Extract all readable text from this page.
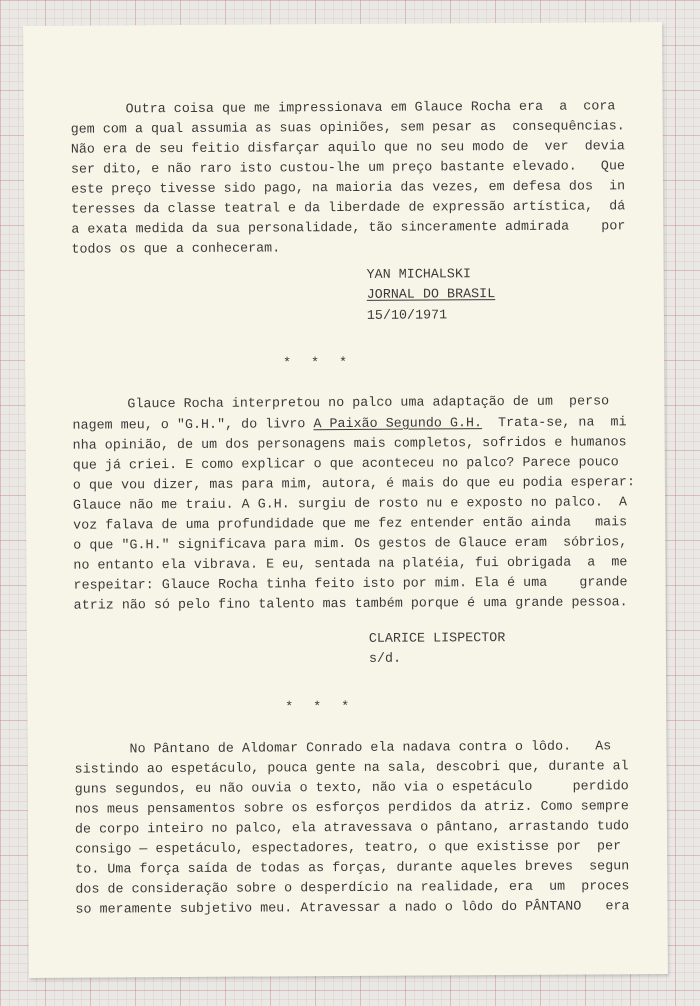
Outra coisa que me impressionava em Glauce Rocha era  a  cora
gem com a qual assumia as suas opiniões, sem pesar as  consequências.
Não era de seu feitio disfarçar aquilo que no seu modo de  ver  devia
ser dito, e não raro isto custou-lhe um preço bastante elevado.   Que
este preço tivesse sido pago, na maioria das vezes, em defesa dos  in
teresses da classe teatral e da liberdade de expressão artística,  dá
a exata medida da sua personalidade, tão sinceramente admirada    por
todos os que a conheceram.
YAN MICHALSKI
JORNAL DO BRASIL
15/10/1971
* * *
Glauce Rocha interpretou no palco uma adaptação de um  perso
nagem meu, o "G.H.", do livro A Paixão Segundo G.H.  Trata-se, na  mi
nha opinião, de um dos personagens mais completos, sofridos e humanos
que já criei. E como explicar o que aconteceu no palco? Parece pouco
o que vou dizer, mas para mim, autora, é mais do que eu podia esperar:
Glauce não me traiu. A G.H. surgiu de rosto nu e exposto no palco.  A
voz falava de uma profundidade que me fez entender então ainda   mais
o que "G.H." significava para mim. Os gestos de Glauce eram  sóbrios,
no entanto ela vibrava. E eu, sentada na platéia, fui obrigada  a  me
respeitar: Glauce Rocha tinha feito isto por mim. Ela é uma    grande
atriz não só pelo fino talento mas também porque é uma grande pessoa.
CLARICE LISPECTOR
s/d.
* * *
No Pântano de Aldomar Conrado ela nadava contra o lôdo.   As
sistindo ao espetáculo, pouca gente na sala, descobri que, durante al
guns segundos, eu não ouvia o texto, não via o espetáculo     perdido
nos meus pensamentos sobre os esforços perdidos da atriz. Como sempre
de corpo inteiro no palco, ela atravessava o pântano, arrastando tudo
consigo — espetáculo, espectadores, teatro, o que existisse por  per
to. Uma força saída de todas as forças, durante aqueles breves  segun
dos de consideração sobre o desperdício na realidade, era  um  proces
so meramente subjetivo meu. Atravessar a nado o lôdo do PÂNTANO   era
